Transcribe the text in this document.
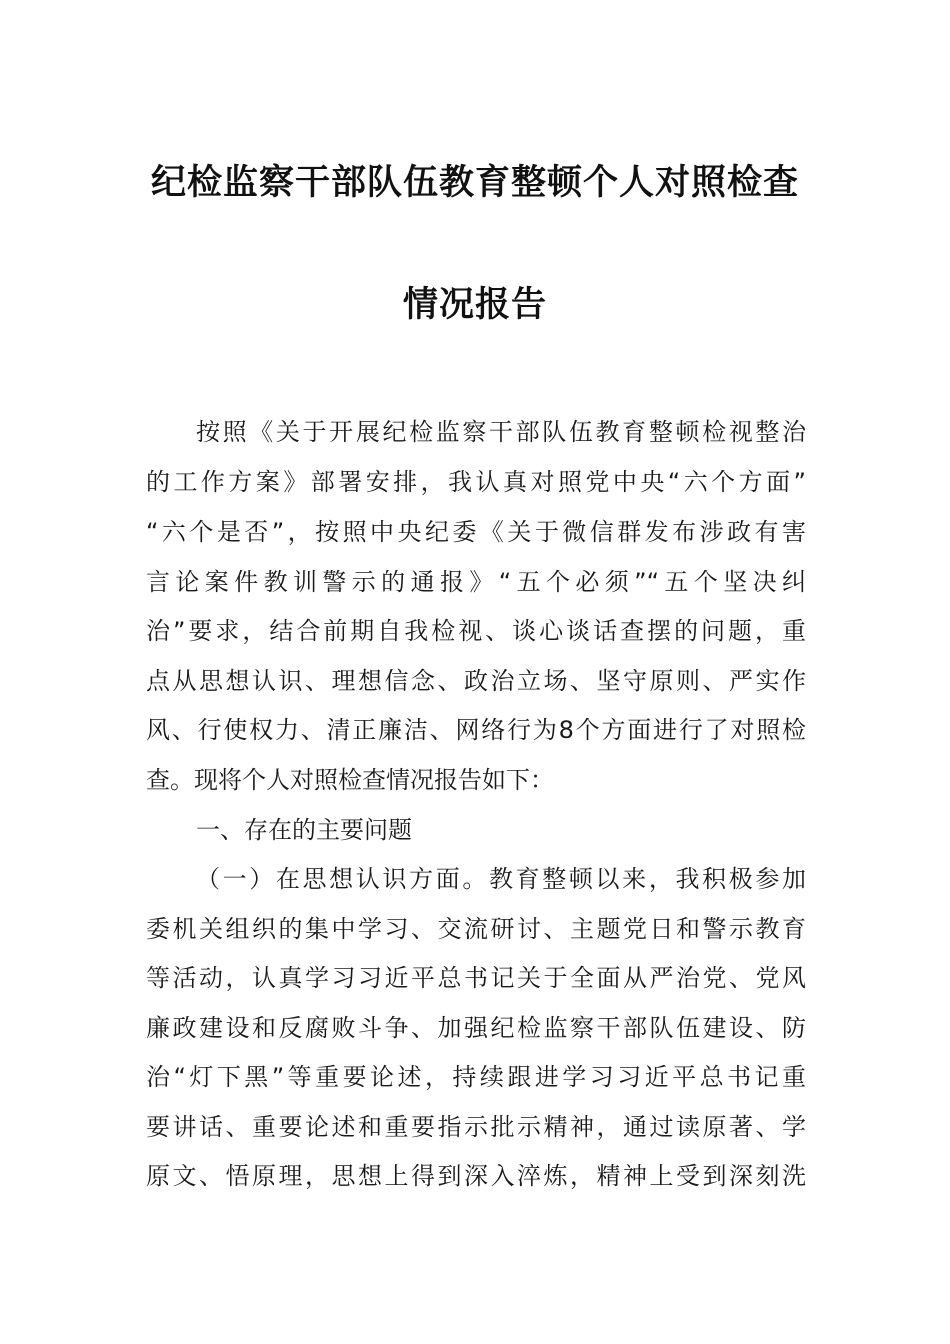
纪检监察干部队伍教育整顿个人对照检查
情况报告
按照《关于开展纪检监察干部队伍教育整顿检视整治
的工作方案》部署安排，我认真对照党中央“六个方面”
“六个是否”，按照中央纪委《关于微信群发布涉政有害
言论案件教训警示的通报》“五个必须”“五个坚决纠
治”要求，结合前期自我检视、谈心谈话查摆的问题，重
点从思想认识、理想信念、政治立场、坚守原则、严实作
风、行使权力、清正廉洁、网络行为8个方面进行了对照检
查。现将个人对照检查情况报告如下：
一、存在的主要问题
（一）在思想认识方面。教育整顿以来，我积极参加
委机关组织的集中学习、交流研讨、主题党日和警示教育
等活动，认真学习习近平总书记关于全面从严治党、党风
廉政建设和反腐败斗争、加强纪检监察干部队伍建设、防
治“灯下黑”等重要论述，持续跟进学习习近平总书记重
要讲话、重要论述和重要指示批示精神，通过读原著、学
原文、悟原理，思想上得到深入淬炼，精神上受到深刻洗
